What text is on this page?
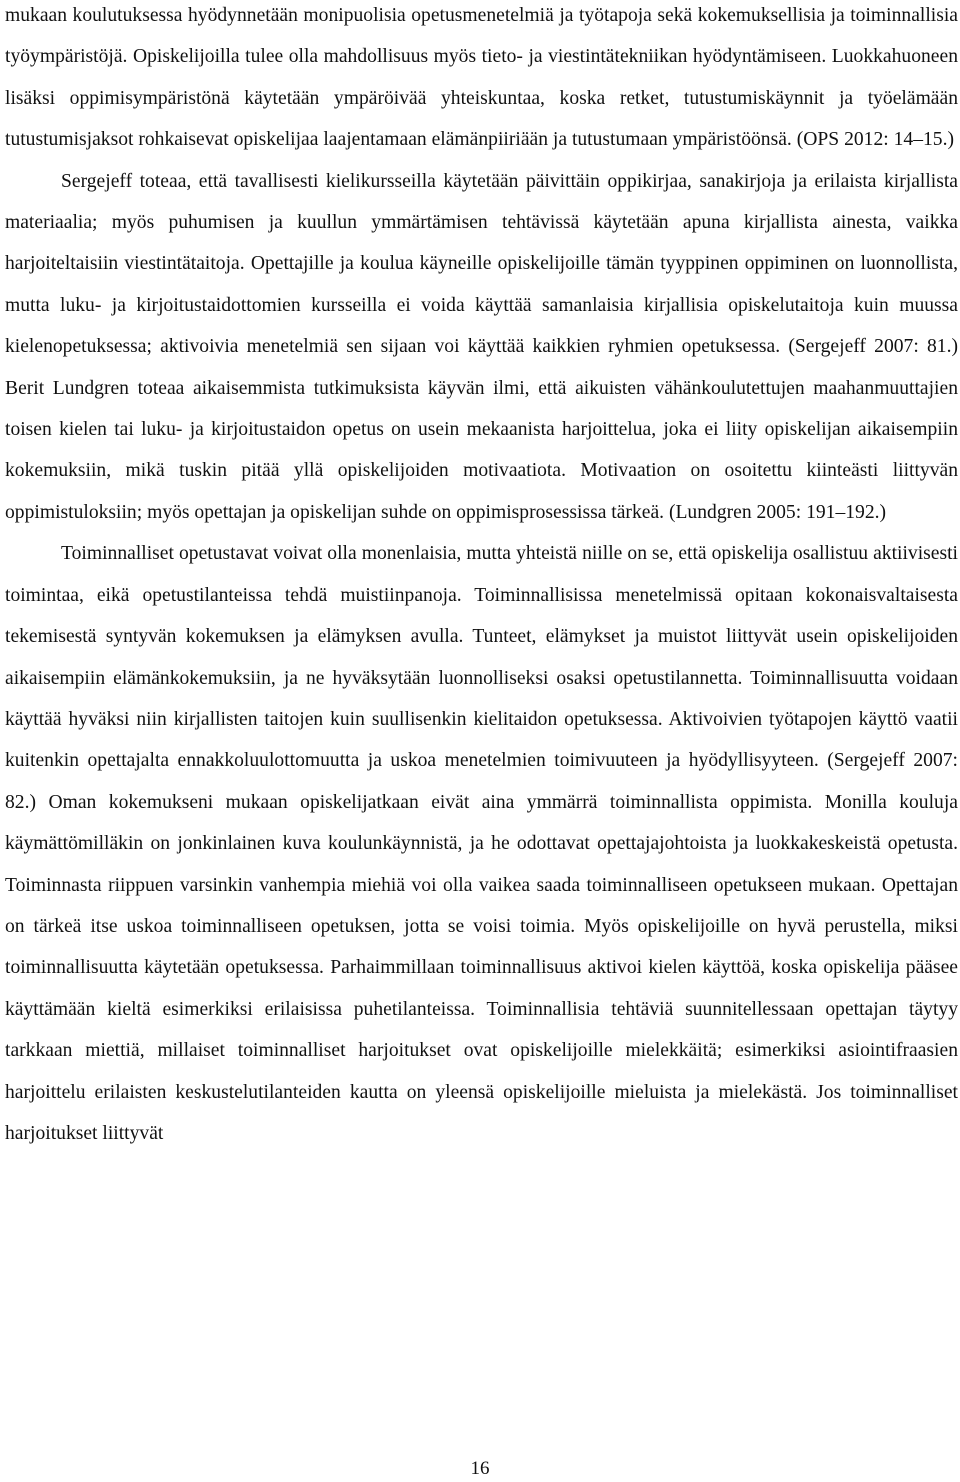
mukaan koulutuksessa hyödynnetään monipuolisia opetusmenetelmiä ja työtapoja sekä kokemuksellisia ja toiminnallisia työympäristöjä. Opiskelijoilla tulee olla mahdollisuus myös tieto- ja viestintätekniikan hyödyntämiseen. Luokkahuoneen lisäksi oppimisympäristönä käytetään ympäröivää yhteiskuntaa, koska retket, tutustumiskäynnit ja työelämään tutustumisjaksot rohkaisevat opiskelijaa laajentamaan elämänpiiriään ja tutustumaan ympäristöönsä. (OPS 2012: 14–15.)

Sergejeff toteaa, että tavallisesti kielikursseilla käytetään päivittäin oppikirjaa, sanakirjoja ja erilaista kirjallista materiaalia; myös puhumisen ja kuullun ymmärtämisen tehtävissä käytetään apuna kirjallista ainesta, vaikka harjoiteltaisiin viestintätaitoja. Opettajille ja koulua käyneille opiskelijoille tämän tyyppinen oppiminen on luonnollista, mutta luku- ja kirjoitustaidottomien kursseilla ei voida käyttää samanlaisia kirjallisia opiskelutaitoja kuin muussa kielenopetuksessa; aktivoivia menetelmiä sen sijaan voi käyttää kaikkien ryhmien opetuksessa. (Sergejeff 2007: 81.) Berit Lundgren toteaa aikaisemmista tutkimuksista käyvän ilmi, että aikuisten vähänkoulutettujen maahanmuuttajien toisen kielen tai luku- ja kirjoitustaidon opetus on usein mekaanista harjoittelua, joka ei liity opiskelijan aikaisempiin kokemuksiin, mikä tuskin pitää yllä opiskelijoiden motivaatiota. Motivaation on osoitettu kiinteästi liittyvän oppimistuloksiin; myös opettajan ja opiskelijan suhde on oppimisprosessissa tärkeä. (Lundgren 2005: 191–192.)

Toiminnalliset opetustavat voivat olla monenlaisia, mutta yhteistä niille on se, että opiskelija osallistuu aktiivisesti toimintaa, eikä opetustilanteissa tehdä muistiinpanoja. Toiminnallisissa menetelmissä opitaan kokonaisvaltaisesta tekemisestä syntyvän kokemuksen ja elämyksen avulla. Tunteet, elämykset ja muistot liittyvät usein opiskelijoiden aikaisempiin elämänkokemuksiin, ja ne hyväksytään luonnolliseksi osaksi opetustilannetta. Toiminnallisuutta voidaan käyttää hyväksi niin kirjallisten taitojen kuin suullisenkin kielitaidon opetuksessa. Aktivoivien työtapojen käyttö vaatii kuitenkin opettajalta ennakkoluulottomuutta ja uskoa menetelmien toimivuuteen ja hyödyllisyyteen. (Sergejeff 2007: 82.) Oman kokemukseni mukaan opiskelijatkaan eivät aina ymmärrä toiminnallista oppimista. Monilla kouluja käymättömilläkin on jonkinlainen kuva koulunkäynnistä, ja he odottavat opettajajohtoista ja luokkakeskeistä opetusta. Toiminnasta riippuen varsinkin vanhempia miehiä voi olla vaikea saada toiminnalliseen opetukseen mukaan. Opettajan on tärkeä itse uskoa toiminnalliseen opetuksen, jotta se voisi toimia. Myös opiskelijoille on hyvä perustella, miksi toiminnallisuutta käytetään opetuksessa. Parhaimmillaan toiminnallisuus aktivoi kielen käyttöä, koska opiskelija pääsee käyttämään kieltä esimerkiksi erilaisissa puhetilanteissa. Toiminnallisia tehtäviä suunnitellessaan opettajan täytyy tarkkaan miettiä, millaiset toiminnalliset harjoitukset ovat opiskelijoille mielekkäitä; esimerkiksi asiointifraasien harjoittelu erilaisten keskustelutilanteiden kautta on yleensä opiskelijoille mieluista ja mielekästä. Jos toiminnalliset harjoitukset liittyvät

16
